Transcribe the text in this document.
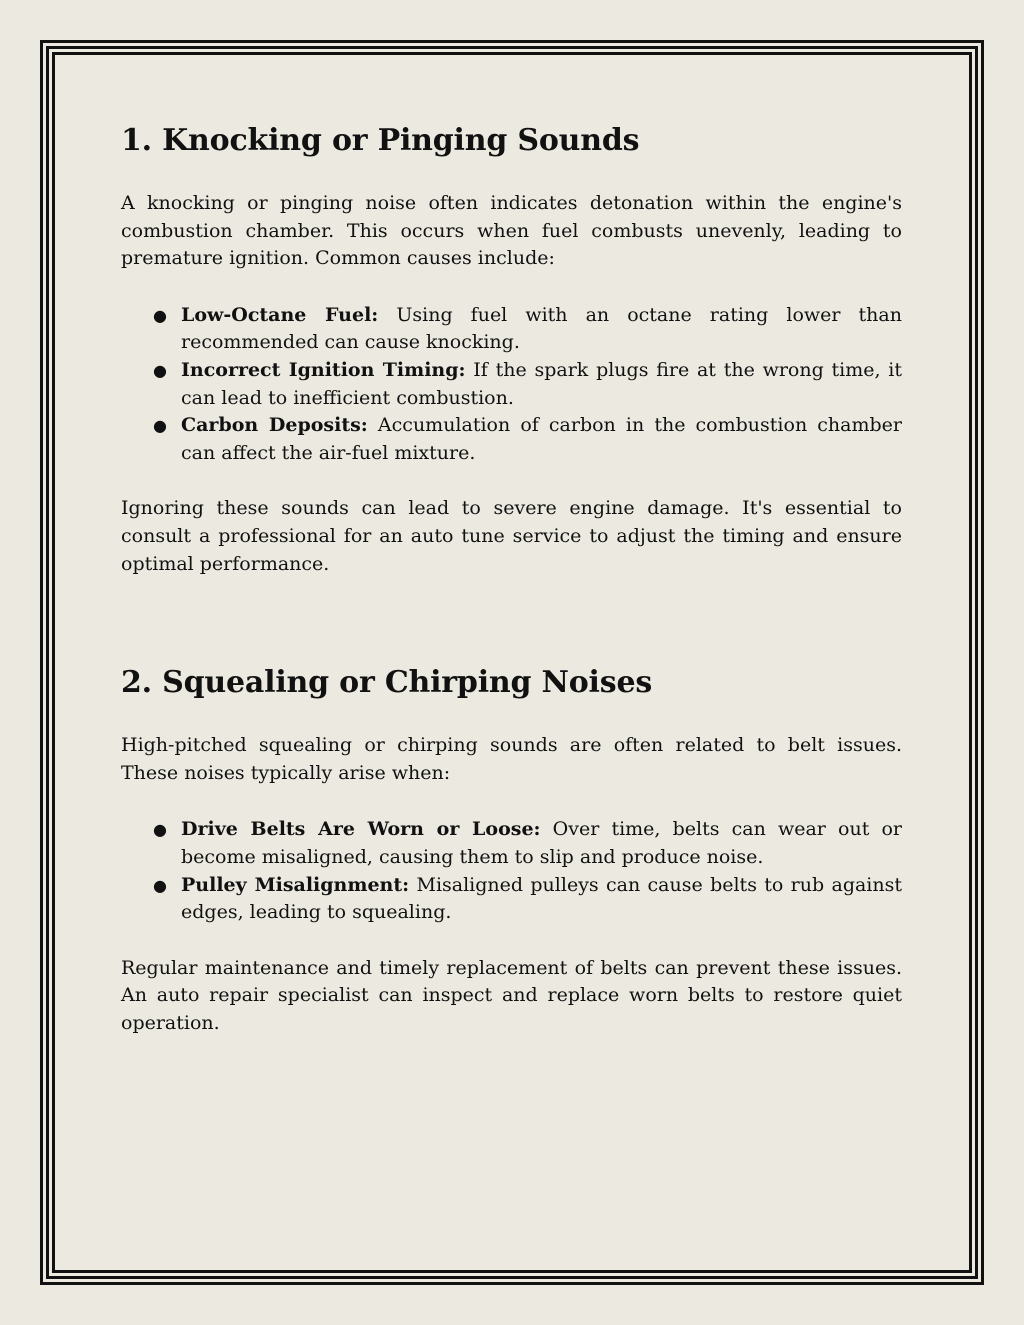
1. Knocking or Pinging Sounds

A knocking or pinging noise often indicates detonation within the engine's combustion chamber. This occurs when fuel combusts unevenly, leading to premature ignition. Common causes include:

● Low-Octane Fuel: Using fuel with an octane rating lower than recommended can cause knocking.
● Incorrect Ignition Timing: If the spark plugs fire at the wrong time, it can lead to inefficient combustion.
● Carbon Deposits: Accumulation of carbon in the combustion chamber can affect the air-fuel mixture.

Ignoring these sounds can lead to severe engine damage. It's essential to consult a professional for an auto tune service to adjust the timing and ensure optimal performance.

2. Squealing or Chirping Noises

High-pitched squealing or chirping sounds are often related to belt issues. These noises typically arise when:

● Drive Belts Are Worn or Loose: Over time, belts can wear out or become misaligned, causing them to slip and produce noise.
● Pulley Misalignment: Misaligned pulleys can cause belts to rub against edges, leading to squealing.

Regular maintenance and timely replacement of belts can prevent these issues. An auto repair specialist can inspect and replace worn belts to restore quiet operation.
